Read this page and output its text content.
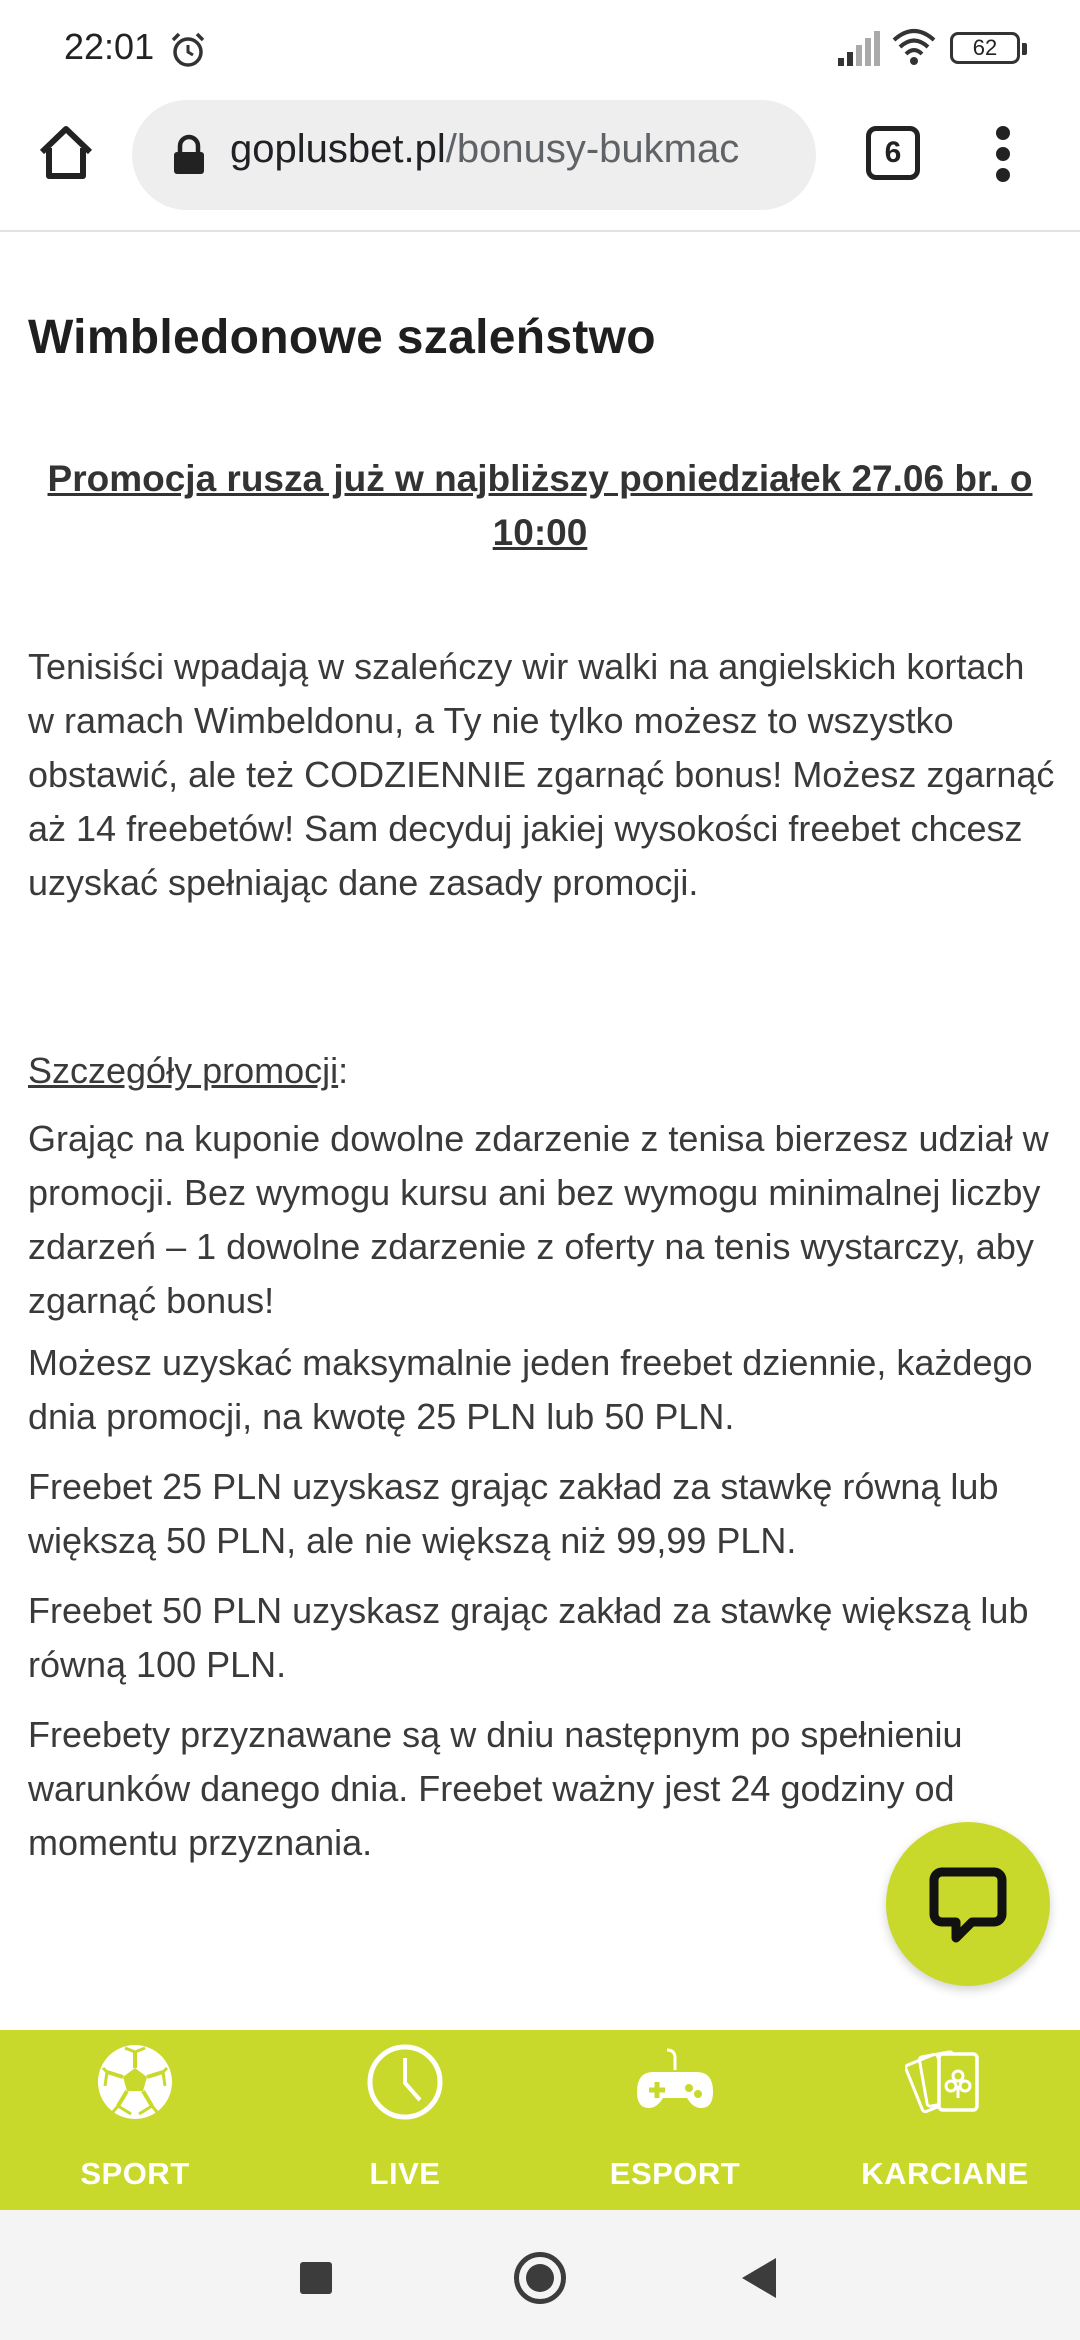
22:01	62
goplusbet.pl/bonusy-bukmac	6
Wimbledonowe szaleństwo

Promocja rusza już w najbliższy poniedziałek 27.06 br. o 10:00

Tenisiści wpadają w szaleńczy wir walki na angielskich kortach w ramach Wimbeldonu, a Ty nie tylko możesz to wszystko obstawić, ale też CODZIENNIE zgarnąć bonus! Możesz zgarnąć aż 14 freebetów! Sam decyduj jakiej wysokości freebet chcesz uzyskać spełniając dane zasady promocji.

Szczegóły promocji:

Grając na kuponie dowolne zdarzenie z tenisa bierzesz udział w promocji. Bez wymogu kursu ani bez wymogu minimalnej liczby zdarzeń – 1 dowolne zdarzenie z oferty na tenis wystarczy, aby zgarnąć bonus!

Możesz uzyskać maksymalnie jeden freebet dziennie, każdego dnia promocji, na kwotę 25 PLN lub 50 PLN.

Freebet 25 PLN uzyskasz grając zakład za stawkę równą lub większą 50 PLN, ale nie większą niż 99,99 PLN.

Freebet 50 PLN uzyskasz grając zakład za stawkę większą lub równą 100 PLN.

Freebety przyznawane są w dniu następnym po spełnieniu warunków danego dnia. Freebet ważny jest 24 godziny od momentu przyznania.

SPORT	LIVE	ESPORT	KARCIANE
